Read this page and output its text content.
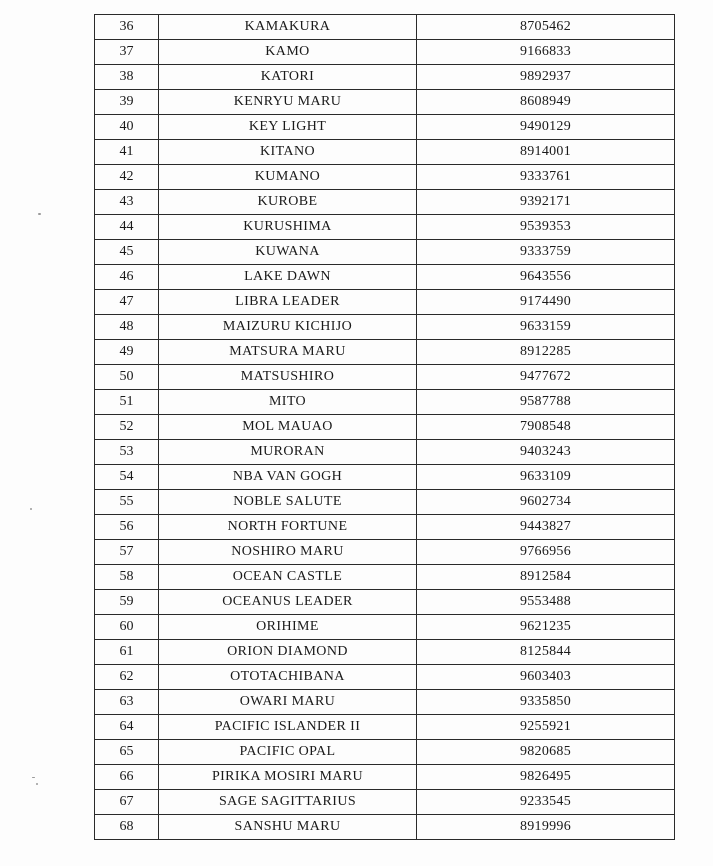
36	KAMAKURA	8705462
37	KAMO	9166833
38	KATORI	9892937
39	KENRYU MARU	8608949
40	KEY LIGHT	9490129
41	KITANO	8914001
42	KUMANO	9333761
43	KUROBE	9392171
44	KURUSHIMA	9539353
45	KUWANA	9333759
46	LAKE DAWN	9643556
47	LIBRA LEADER	9174490
48	MAIZURU KICHIJO	9633159
49	MATSURA MARU	8912285
50	MATSUSHIRO	9477672
51	MITO	9587788
52	MOL MAUAO	7908548
53	MURORAN	9403243
54	NBA VAN GOGH	9633109
55	NOBLE SALUTE	9602734
56	NORTH FORTUNE	9443827
57	NOSHIRO MARU	9766956
58	OCEAN CASTLE	8912584
59	OCEANUS LEADER	9553488
60	ORIHIME	9621235
61	ORION DIAMOND	8125844
62	OTOTACHIBANA	9603403
63	OWARI MARU	9335850
64	PACIFIC ISLANDER II	9255921
65	PACIFIC OPAL	9820685
66	PIRIKA MOSIRI MARU	9826495
67	SAGE SAGITTARIUS	9233545
68	SANSHU MARU	8919996
